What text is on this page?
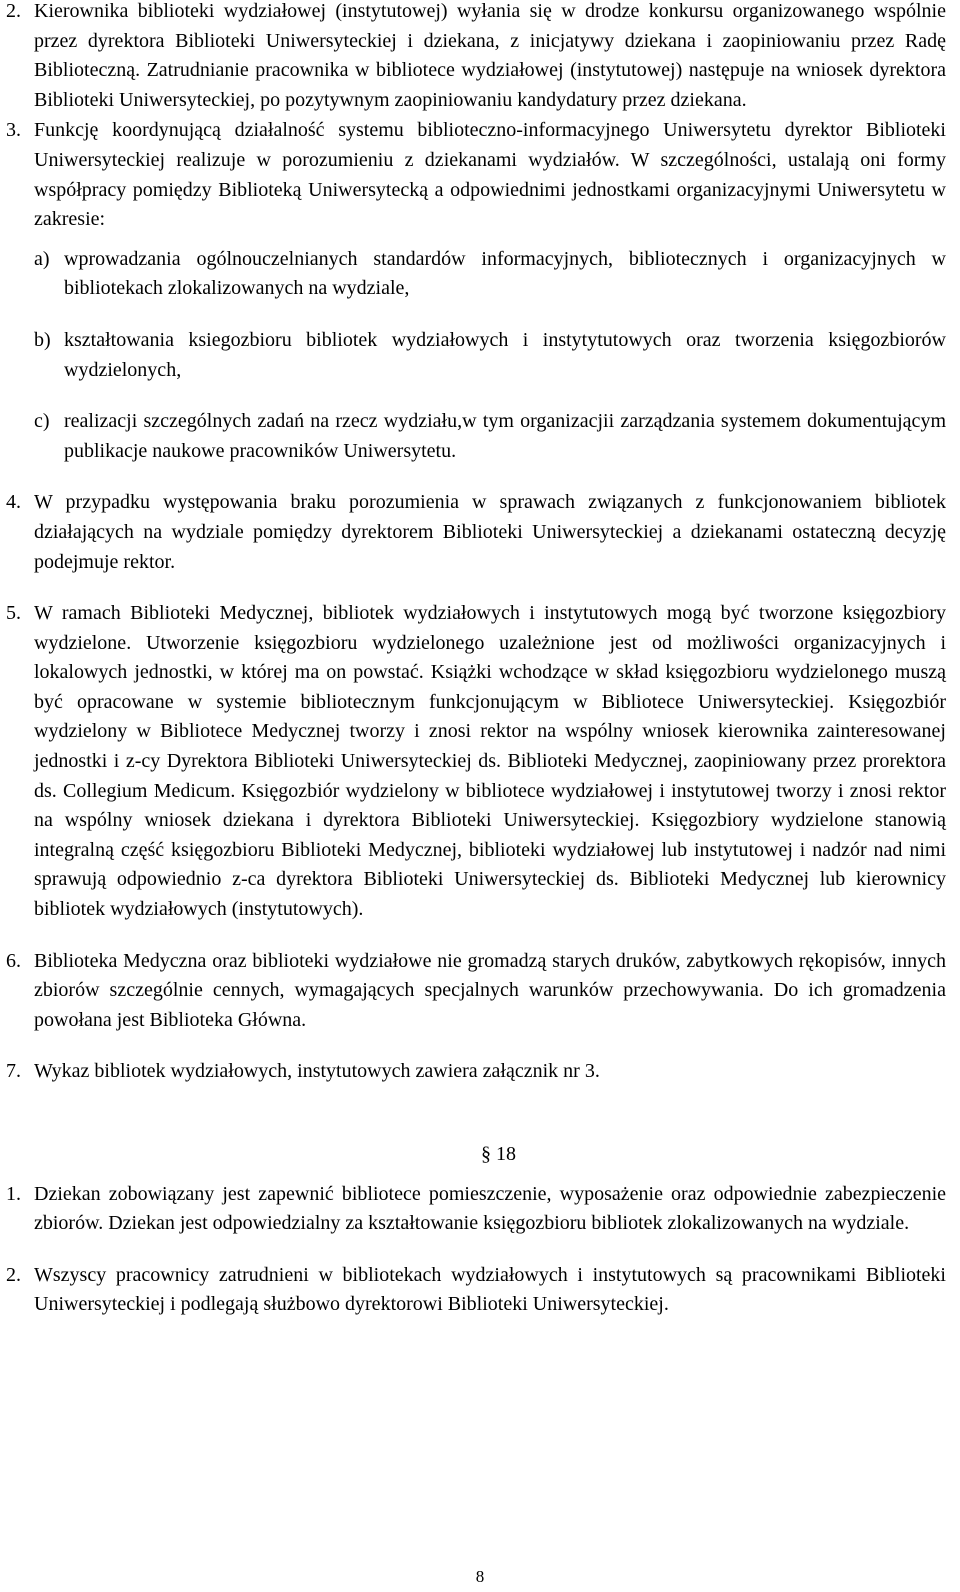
2. Kierownika biblioteki wydziałowej (instytutowej) wyłania się w drodze konkursu organizowanego wspólnie przez dyrektora Biblioteki Uniwersyteckiej i dziekana, z inicjatywy dziekana i zaopiniowaniu przez Radę Biblioteczną. Zatrudnianie pracownika w bibliotece wydziałowej (instytutowej) następuje na wniosek dyrektora Biblioteki Uniwersyteckiej, po pozytywnym zaopiniowaniu kandydatury przez dziekana.
3. Funkcję koordynującą działalność systemu biblioteczno-informacyjnego Uniwersytetu dyrektor Biblioteki Uniwersyteckiej realizuje w porozumieniu z dziekanami wydziałów. W szczególności, ustalają oni formy współpracy pomiędzy Biblioteką Uniwersytecką a odpowiednimi jednostkami organizacyjnymi Uniwersytetu w zakresie:
a) wprowadzania ogólnouczelnianych standardów informacyjnych, bibliotecznych i organizacyjnych w bibliotekach zlokalizowanych na wydziale,
b) kształtowania ksiegozbioru bibliotek wydziałowych i instytytutowych oraz tworzenia księgozbiorów wydzielonych,
c) realizacji szczególnych zadań na rzecz wydziału,w tym organizacjii zarządzania systemem dokumentującym publikacje naukowe pracowników Uniwersytetu.
4. W przypadku występowania braku porozumienia w sprawach związanych z funkcjonowaniem bibliotek działających na wydziale pomiędzy dyrektorem Biblioteki Uniwersyteckiej a dziekanami ostateczną decyzję podejmuje rektor.
5. W ramach Biblioteki Medycznej, bibliotek wydziałowych i instytutowych mogą być tworzone księgozbiory wydzielone. Utworzenie księgozbioru wydzielonego uzależnione jest od możliwości organizacyjnych i lokalowych jednostki, w której ma on powstać. Książki wchodzące w skład księgozbioru wydzielonego muszą być opracowane w systemie bibliotecznym funkcjonującym w Bibliotece Uniwersyteckiej. Księgozbiór wydzielony w Bibliotece Medycznej tworzy i znosi rektor na wspólny wniosek kierownika zainteresowanej jednostki i z-cy Dyrektora Biblioteki Uniwersyteckiej ds. Biblioteki Medycznej, zaopiniowany przez prorektora ds. Collegium Medicum. Księgozbiór wydzielony w bibliotece wydziałowej i instytutowej tworzy i znosi rektor na wspólny wniosek dziekana i dyrektora Biblioteki Uniwersyteckiej. Księgozbiory wydzielone stanowią integralną część księgozbioru Biblioteki Medycznej, biblioteki wydziałowej lub instytutowej i nadzór nad nimi sprawują odpowiednio z-ca dyrektora Biblioteki Uniwersyteckiej ds. Biblioteki Medycznej lub kierownicy bibliotek wydziałowych (instytutowych).
6. Biblioteka Medyczna oraz biblioteki wydziałowe nie gromadzą starych druków, zabytkowych rękopisów, innych zbiorów szczególnie cennych, wymagających specjalnych warunków przechowywania. Do ich gromadzenia powołana jest Biblioteka Główna.
7. Wykaz bibliotek wydziałowych, instytutowych zawiera załącznik nr 3.
§ 18
1. Dziekan zobowiązany jest zapewnić bibliotece pomieszczenie, wyposażenie oraz odpowiednie zabezpieczenie zbiorów. Dziekan jest odpowiedzialny za kształtowanie księgozbioru bibliotek zlokalizowanych na wydziale.
2. Wszyscy pracownicy zatrudnieni w bibliotekach wydziałowych i instytutowych są pracownikami Biblioteki Uniwersyteckiej i podlegają służbowo dyrektorowi Biblioteki Uniwersyteckiej.
8
